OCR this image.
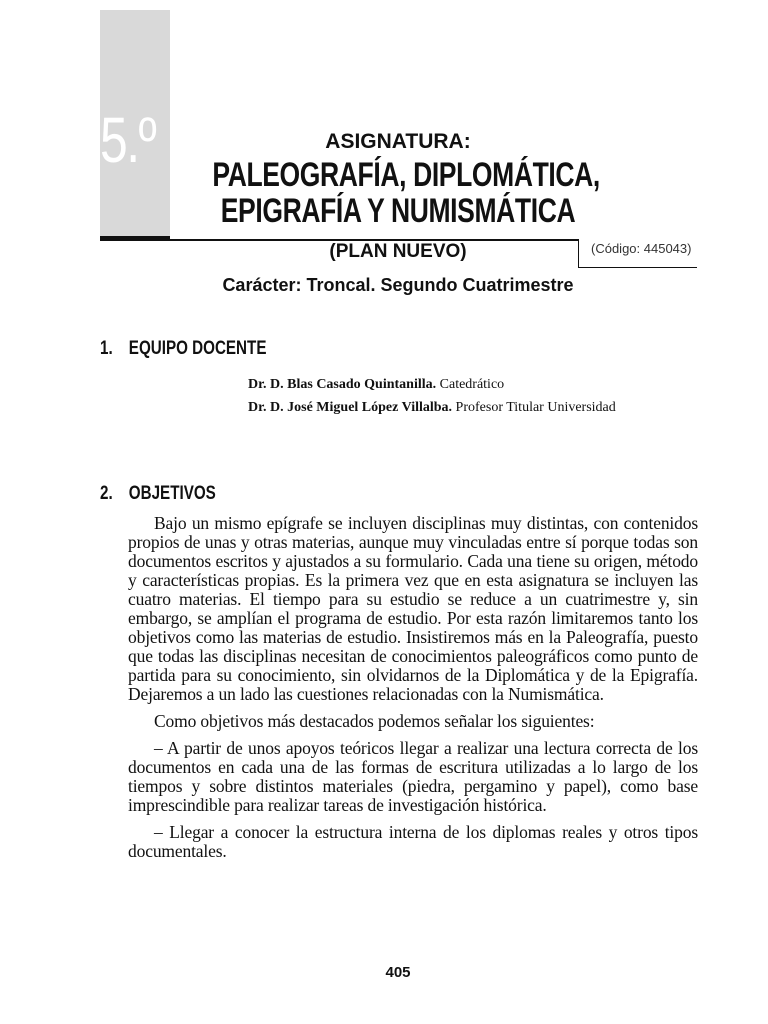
5.º
(Código: 445043)
ASIGNATURA:
PALEOGRAFÍA, DIPLOMÁTICA,
EPIGRAFÍA Y NUMISMÁTICA
(PLAN NUEVO)
Carácter: Troncal. Segundo Cuatrimestre
1. EQUIPO DOCENTE
Dr. D. Blas Casado Quintanilla. Catedrático
Dr. D. José Miguel López Villalba. Profesor Titular Universidad
2. OBJETIVOS

Bajo un mismo epígrafe se incluyen disciplinas muy distintas, con contenidos propios de unas y otras materias, aunque muy vinculadas entre sí porque todas son documentos escritos y ajustados a su formulario. Cada una tiene su origen, método y características propias. Es la primera vez que en esta asignatura se incluyen las cuatro materias. El tiempo para su estudio se reduce a un cuatrimestre y, sin embargo, se amplían el programa de estudio. Por esta razón limitaremos tanto los objetivos como las materias de estudio. Insistiremos más en la Paleografía, puesto que todas las disciplinas necesitan de conocimientos paleográficos como punto de partida para su conocimiento, sin olvidarnos de la Diplomática y de la Epigrafía. Dejaremos a un lado las cuestiones relacionadas con la Numismática.

Como objetivos más destacados podemos señalar los siguientes:

– A partir de unos apoyos teóricos llegar a realizar una lectura correcta de los documentos en cada una de las formas de escritura utilizadas a lo largo de los tiempos y sobre distintos materiales (piedra, pergamino y papel), como base imprescindible para realizar tareas de investigación histórica.

– Llegar a conocer la estructura interna de los diplomas reales y otros tipos documentales.

405
